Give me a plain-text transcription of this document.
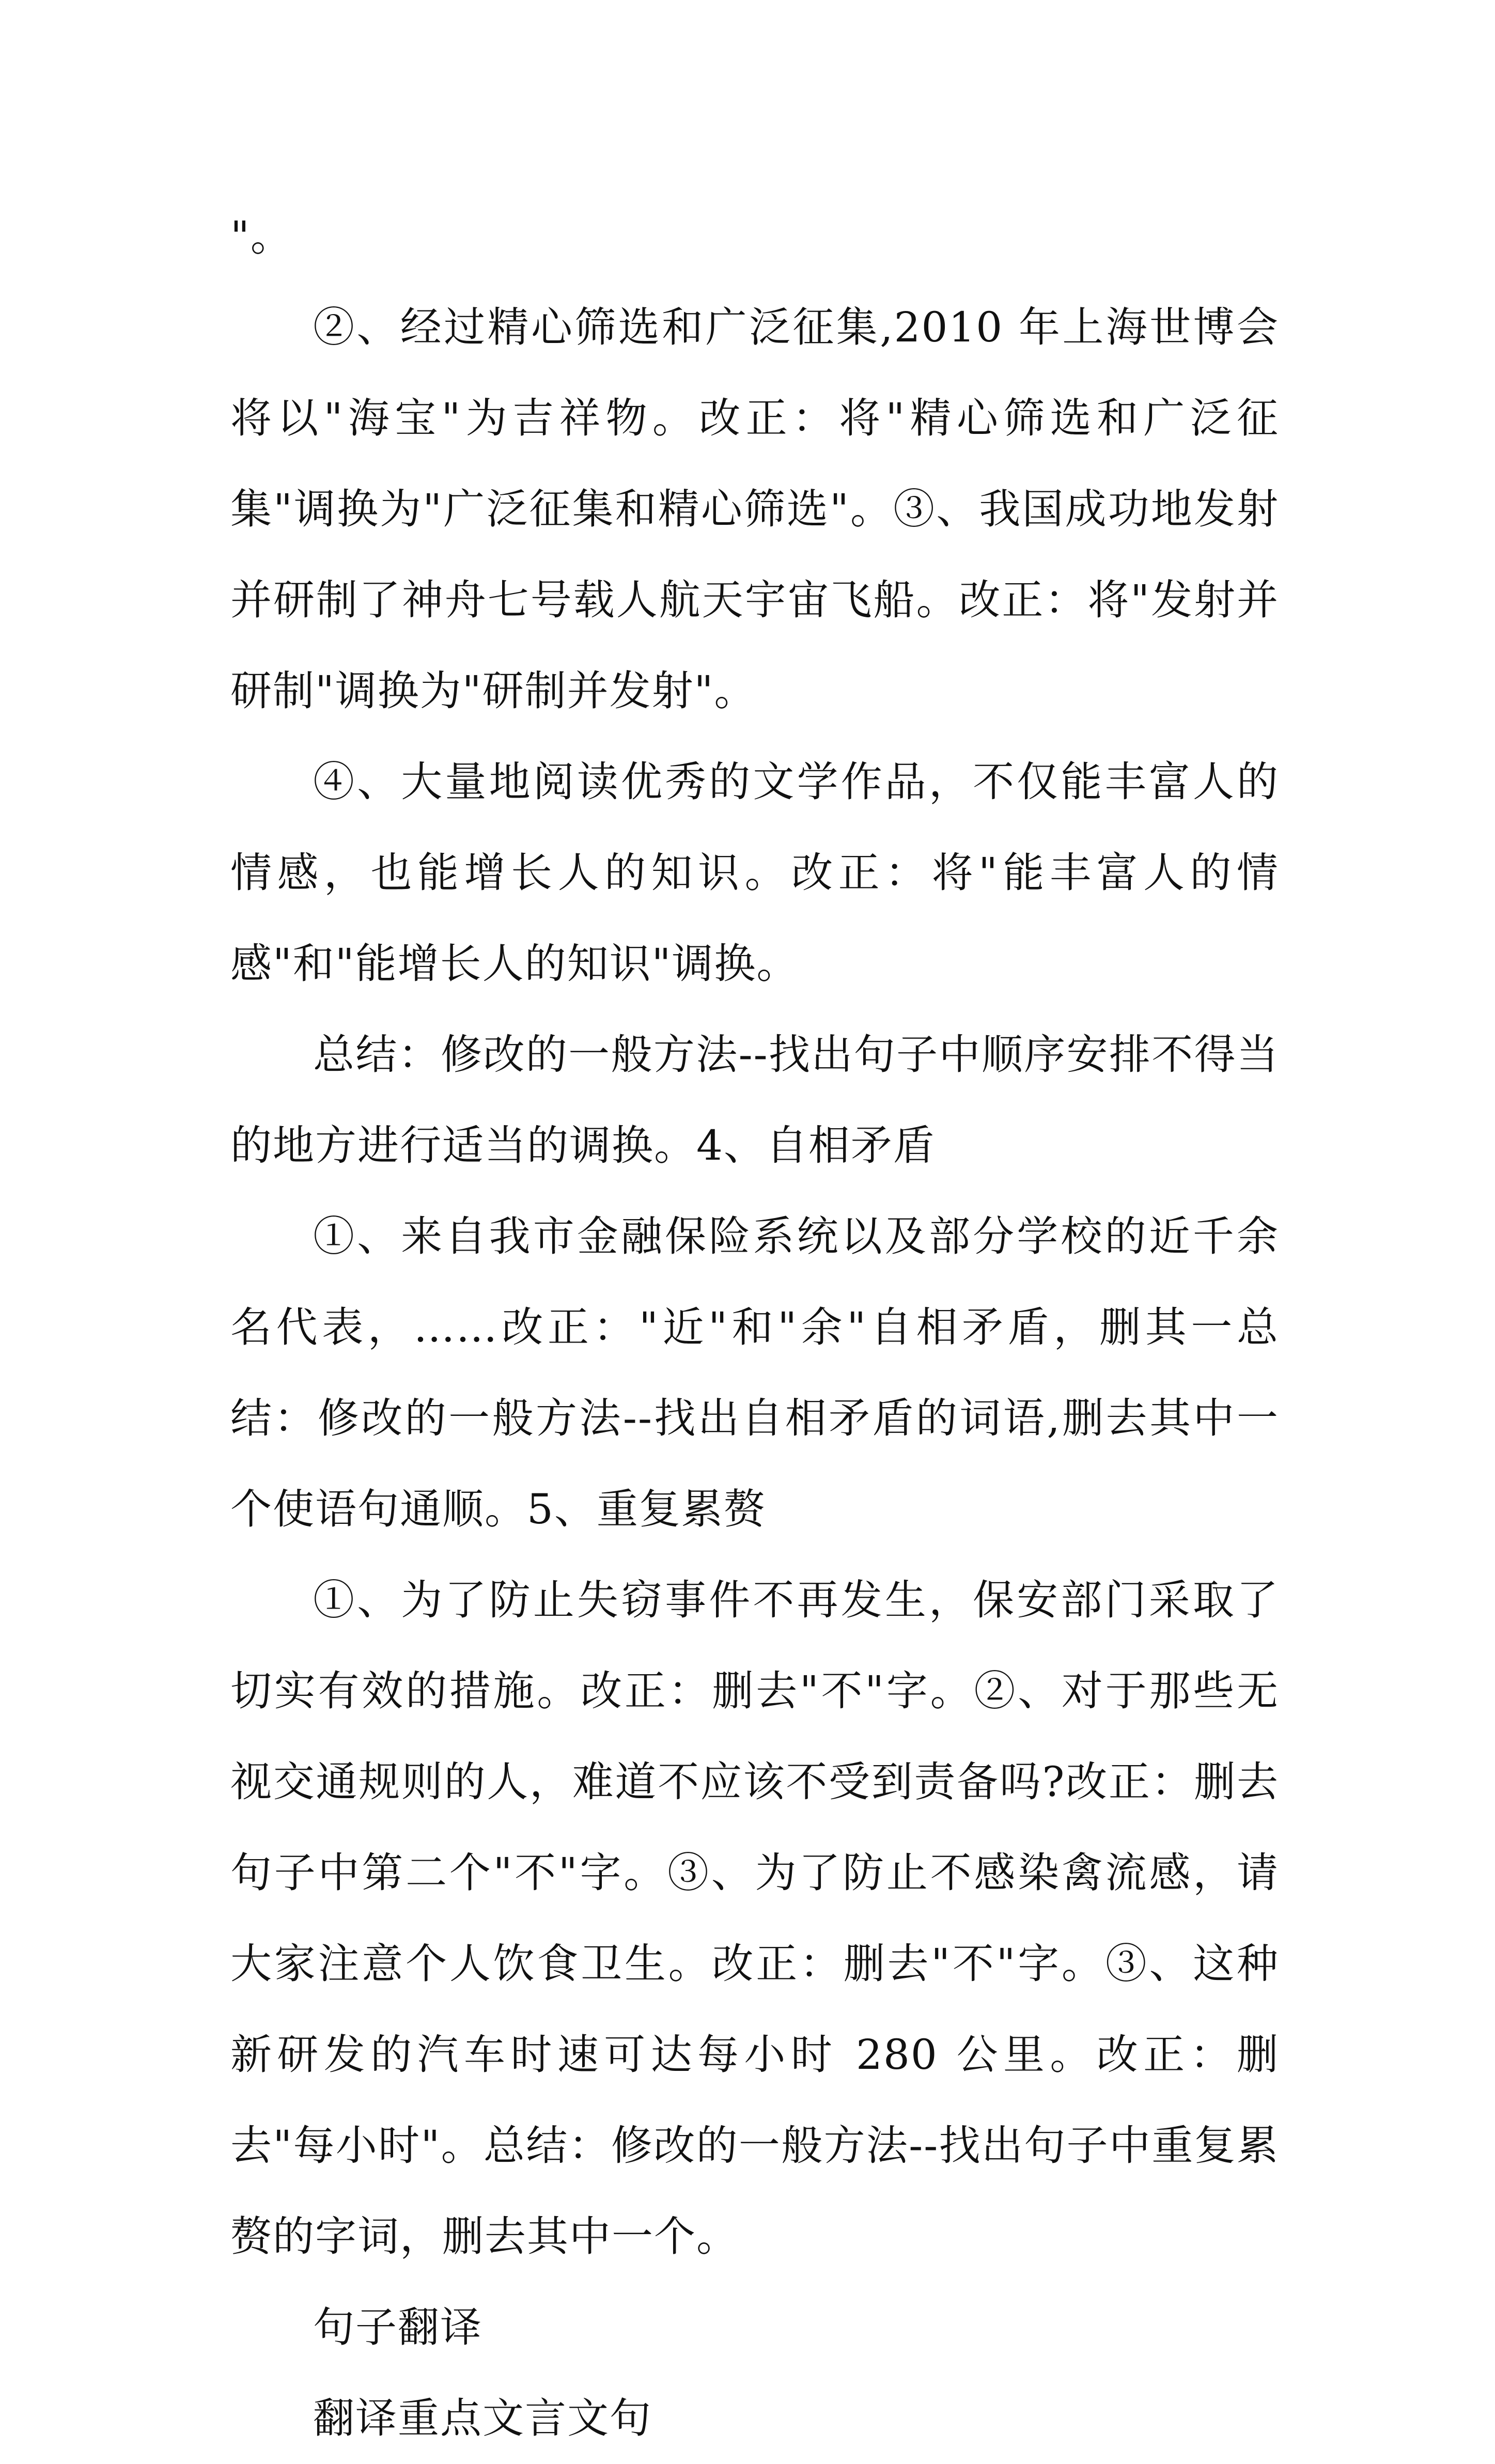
"。

②、经过精心筛选和广泛征集,2010 年上海世博会将以"海宝"为吉祥物。改正：将"精心筛选和广泛征集"调换为"广泛征集和精心筛选"。③、我国成功地发射并研制了神舟七号载人航天宇宙飞船。改正：将"发射并研制"调换为"研制并发射"。

④、大量地阅读优秀的文学作品，不仅能丰富人的情感，也能增长人的知识。改正：将"能丰富人的情感"和"能增长人的知识"调换。

总结：修改的一般方法--找出句子中顺序安排不得当的地方进行适当的调换。4、自相矛盾

①、来自我市金融保险系统以及部分学校的近千余名代表，……改正："近"和"余"自相矛盾，删其一总结：修改的一般方法--找出自相矛盾的词语,删去其中一个使语句通顺。5、重复累赘

①、为了防止失窃事件不再发生，保安部门采取了切实有效的措施。改正：删去"不"字。②、对于那些无视交通规则的人，难道不应该不受到责备吗?改正：删去句子中第二个"不"字。③、为了防止不感染禽流感，请大家注意个人饮食卫生。改正：删去"不"字。③、这种新研发的汽车时速可达每小时 280 公里。改正：删去"每小时"。总结：修改的一般方法--找出句子中重复累赘的字词，删去其中一个。

句子翻译

翻译重点文言文句
